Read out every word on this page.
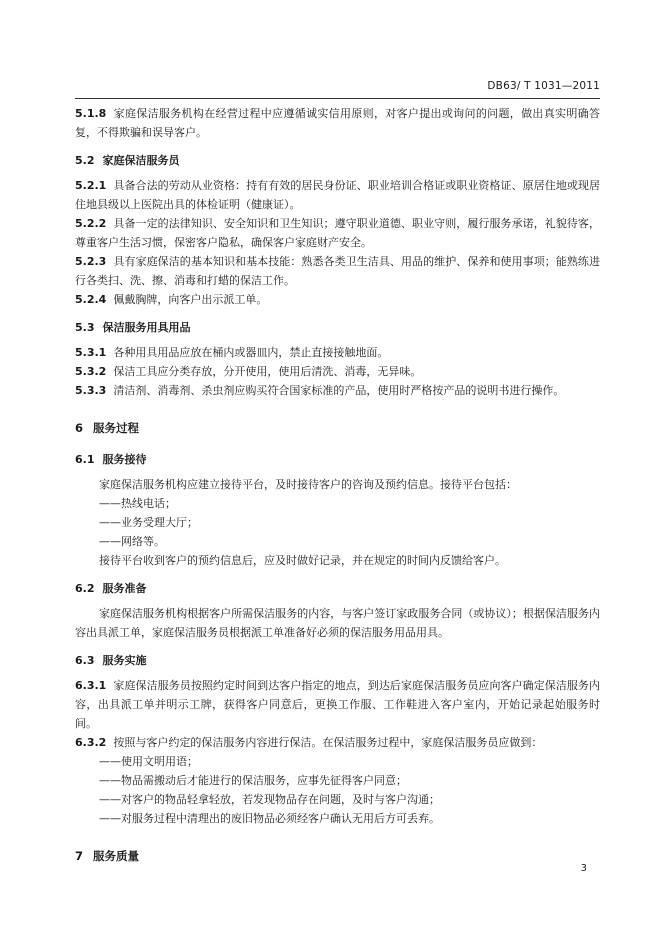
DB63/ T 1031—2011

5.1.8 家庭保洁服务机构在经营过程中应遵循诚实信用原则，对客户提出或询问的问题，做出真实明确答复，不得欺骗和误导客户。

5.2 家庭保洁服务员

5.2.1 具备合法的劳动从业资格：持有有效的居民身份证、职业培训合格证或职业资格证、原居住地或现居住地县级以上医院出具的体检证明（健康证）。

5.2.2 具备一定的法律知识、安全知识和卫生知识；遵守职业道德、职业守则，履行服务承诺，礼貌待客，尊重客户生活习惯，保密客户隐私，确保客户家庭财产安全。

5.2.3 具有家庭保洁的基本知识和基本技能：熟悉各类卫生洁具、用品的维护、保养和使用事项；能熟练进行各类扫、洗、擦、消毒和打蜡的保洁工作。

5.2.4 佩戴胸牌，向客户出示派工单。

5.3 保洁服务用具用品

5.3.1 各种用具用品应放在桶内或器皿内，禁止直接接触地面。

5.3.2 保洁工具应分类存放，分开使用，使用后清洗、消毒，无异味。

5.3.3 清洁剂、消毒剂、杀虫剂应购买符合国家标准的产品，使用时严格按产品的说明书进行操作。

6 服务过程

6.1 服务接待

家庭保洁服务机构应建立接待平台，及时接待客户的咨询及预约信息。接待平台包括：

——热线电话；

——业务受理大厅；

——网络等。

接待平台收到客户的预约信息后，应及时做好记录，并在规定的时间内反馈给客户。

6.2 服务准备

家庭保洁服务机构根据客户所需保洁服务的内容，与客户签订家政服务合同（或协议）；根据保洁服务内容出具派工单，家庭保洁服务员根据派工单准备好必须的保洁服务用品用具。

6.3 服务实施

6.3.1 家庭保洁服务员按照约定时间到达客户指定的地点，到达后家庭保洁服务员应向客户确定保洁服务内容，出具派工单并明示工牌，获得客户同意后，更换工作服、工作鞋进入客户室内，开始记录起始服务时间。

6.3.2 按照与客户约定的保洁服务内容进行保洁。在保洁服务过程中，家庭保洁服务员应做到：

——使用文明用语；

——物品需搬动后才能进行的保洁服务，应事先征得客户同意；

——对客户的物品轻拿轻放，若发现物品存在问题，及时与客户沟通；

——对服务过程中清理出的废旧物品必须经客户确认无用后方可丢弃。

7 服务质量

3
